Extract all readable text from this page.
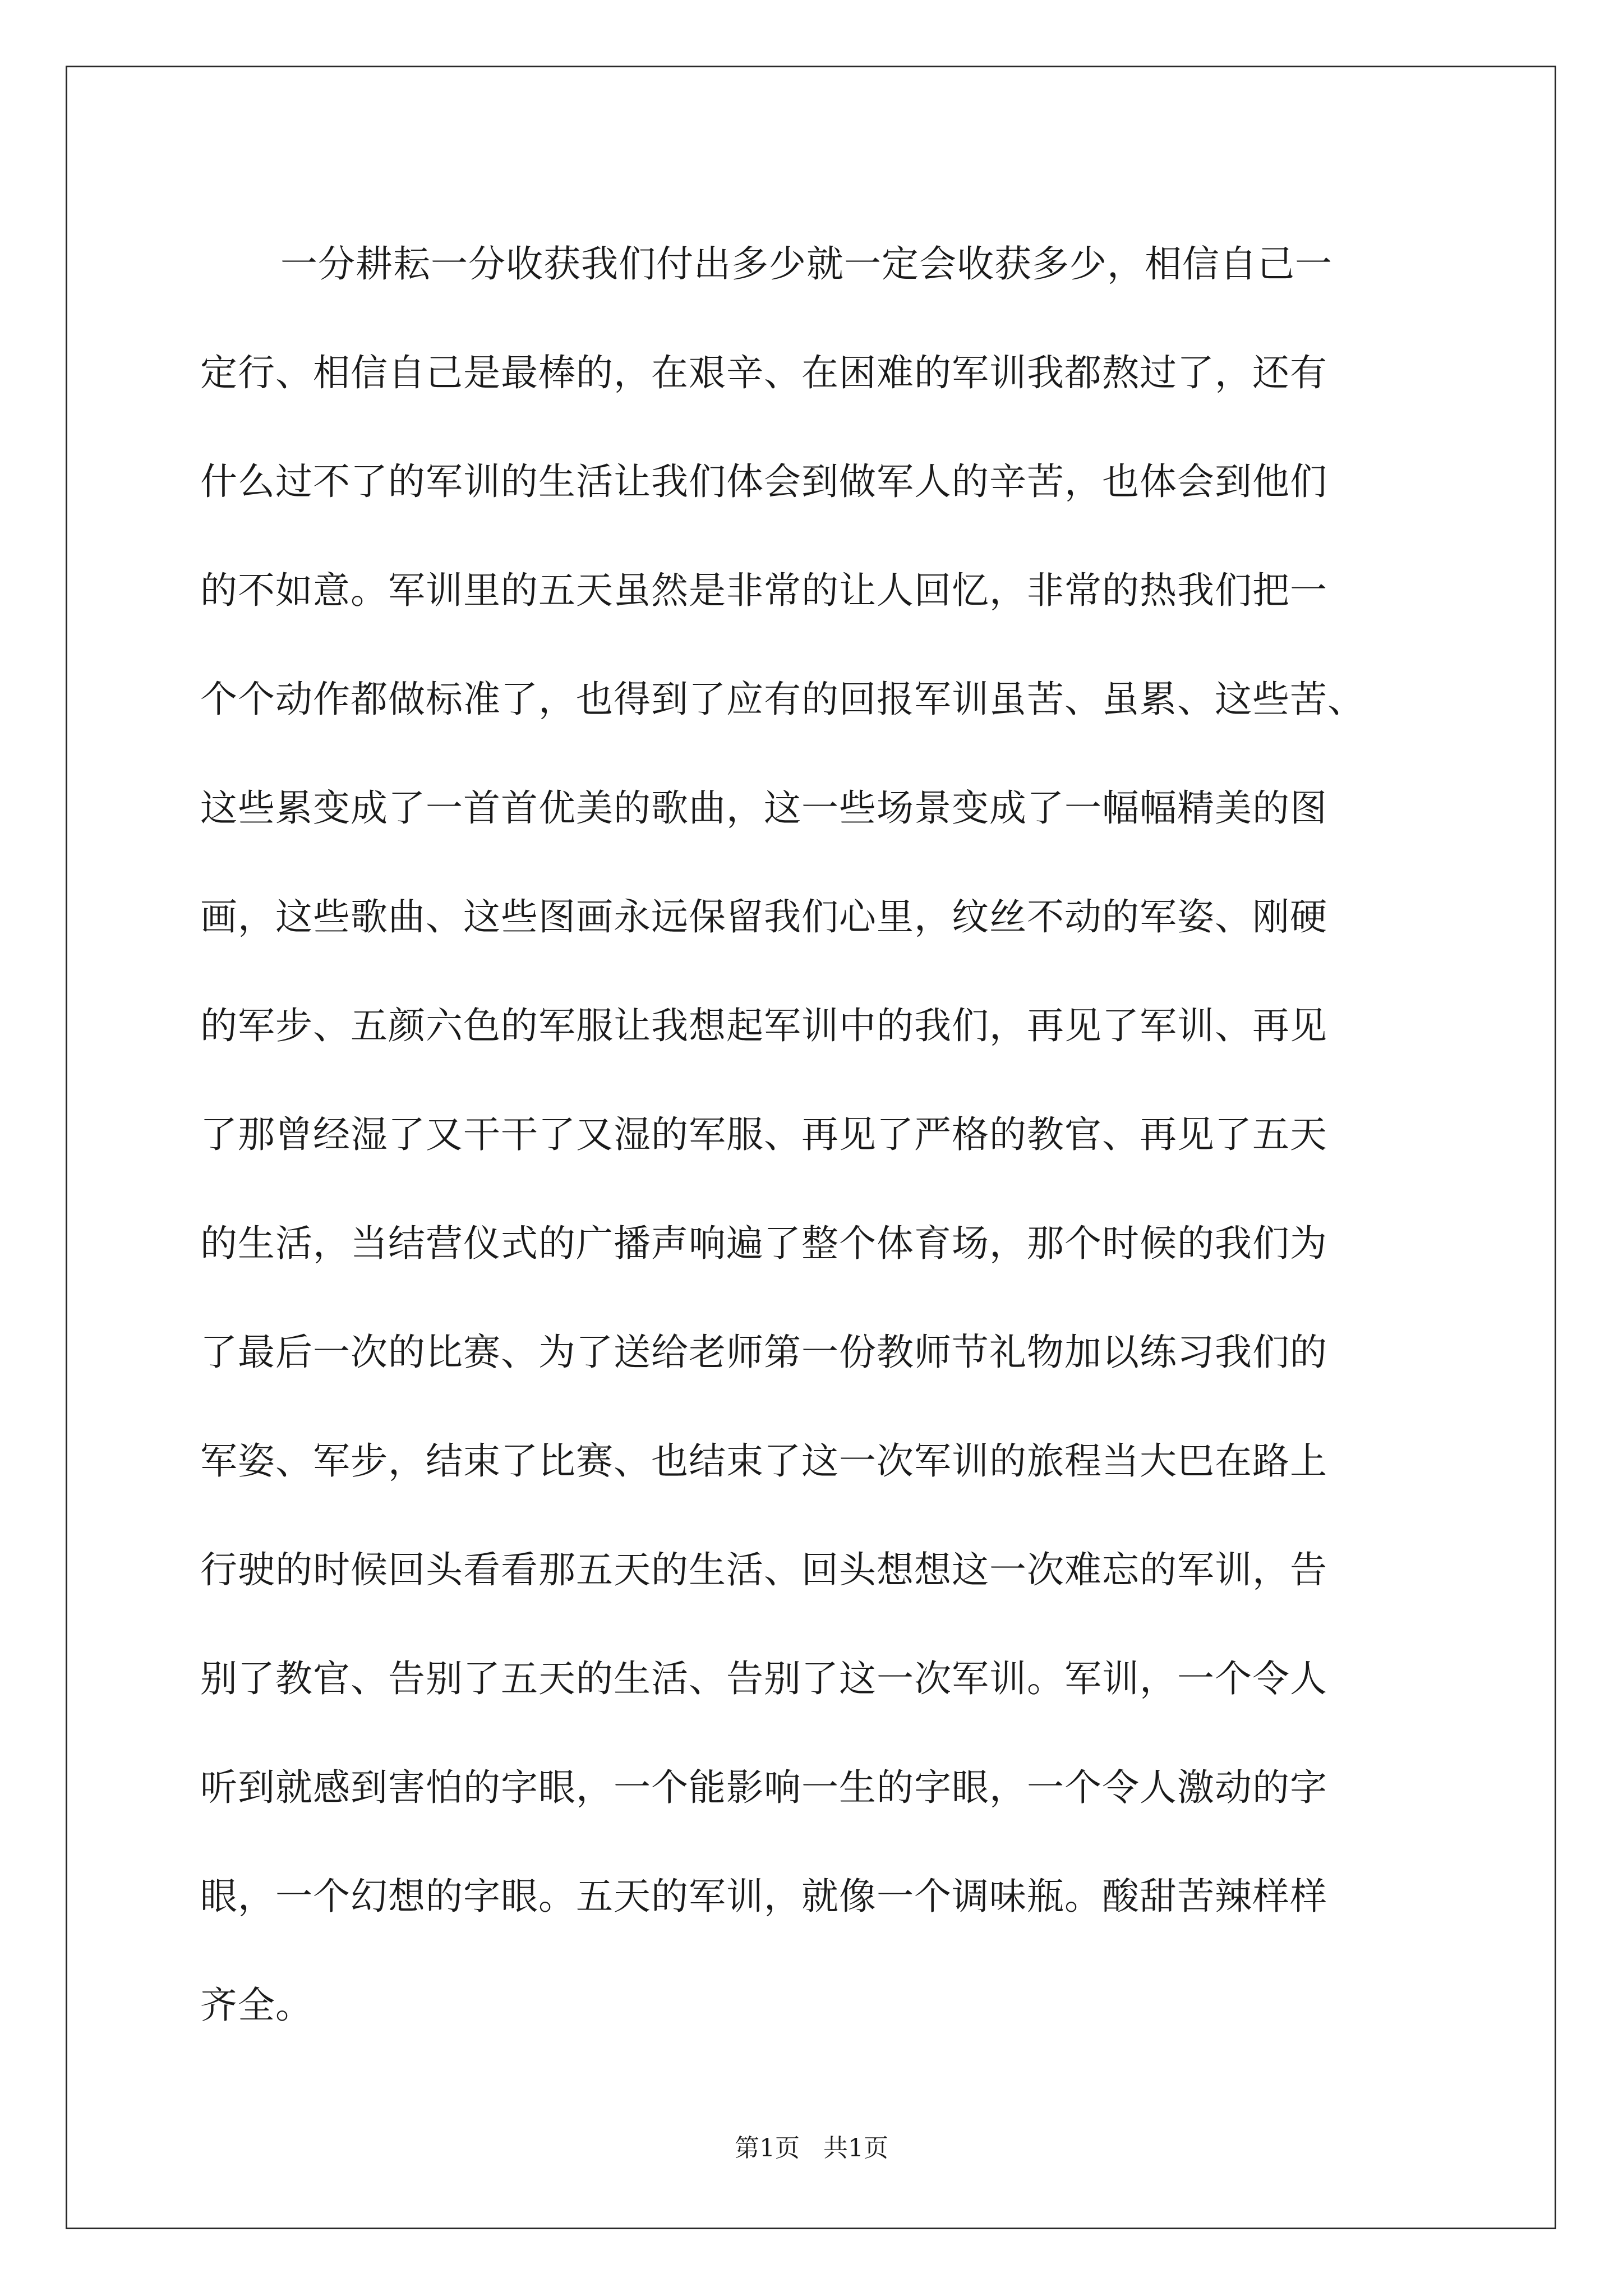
一分耕耘一分收获我们付出多少就一定会收获多少，相信自己一
定行、相信自己是最棒的，在艰辛、在困难的军训我都熬过了，还有
什么过不了的军训的生活让我们体会到做军人的辛苦，也体会到他们
的不如意。军训里的五天虽然是非常的让人回忆，非常的热我们把一
个个动作都做标准了，也得到了应有的回报军训虽苦、虽累、这些苦、
这些累变成了一首首优美的歌曲，这一些场景变成了一幅幅精美的图
画，这些歌曲、这些图画永远保留我们心里，纹丝不动的军姿、刚硬
的军步、五颜六色的军服让我想起军训中的我们，再见了军训、再见
了那曾经湿了又干干了又湿的军服、再见了严格的教官、再见了五天
的生活，当结营仪式的广播声响遍了整个体育场，那个时候的我们为
了最后一次的比赛、为了送给老师第一份教师节礼物加以练习我们的
军姿、军步，结束了比赛、也结束了这一次军训的旅程当大巴在路上
行驶的时候回头看看那五天的生活、回头想想这一次难忘的军训，告
别了教官、告别了五天的生活、告别了这一次军训。军训，一个令人
听到就感到害怕的字眼，一个能影响一生的字眼，一个令人激动的字
眼，一个幻想的字眼。五天的军训，就像一个调味瓶。酸甜苦辣样样
齐全。
第1页   共1页
